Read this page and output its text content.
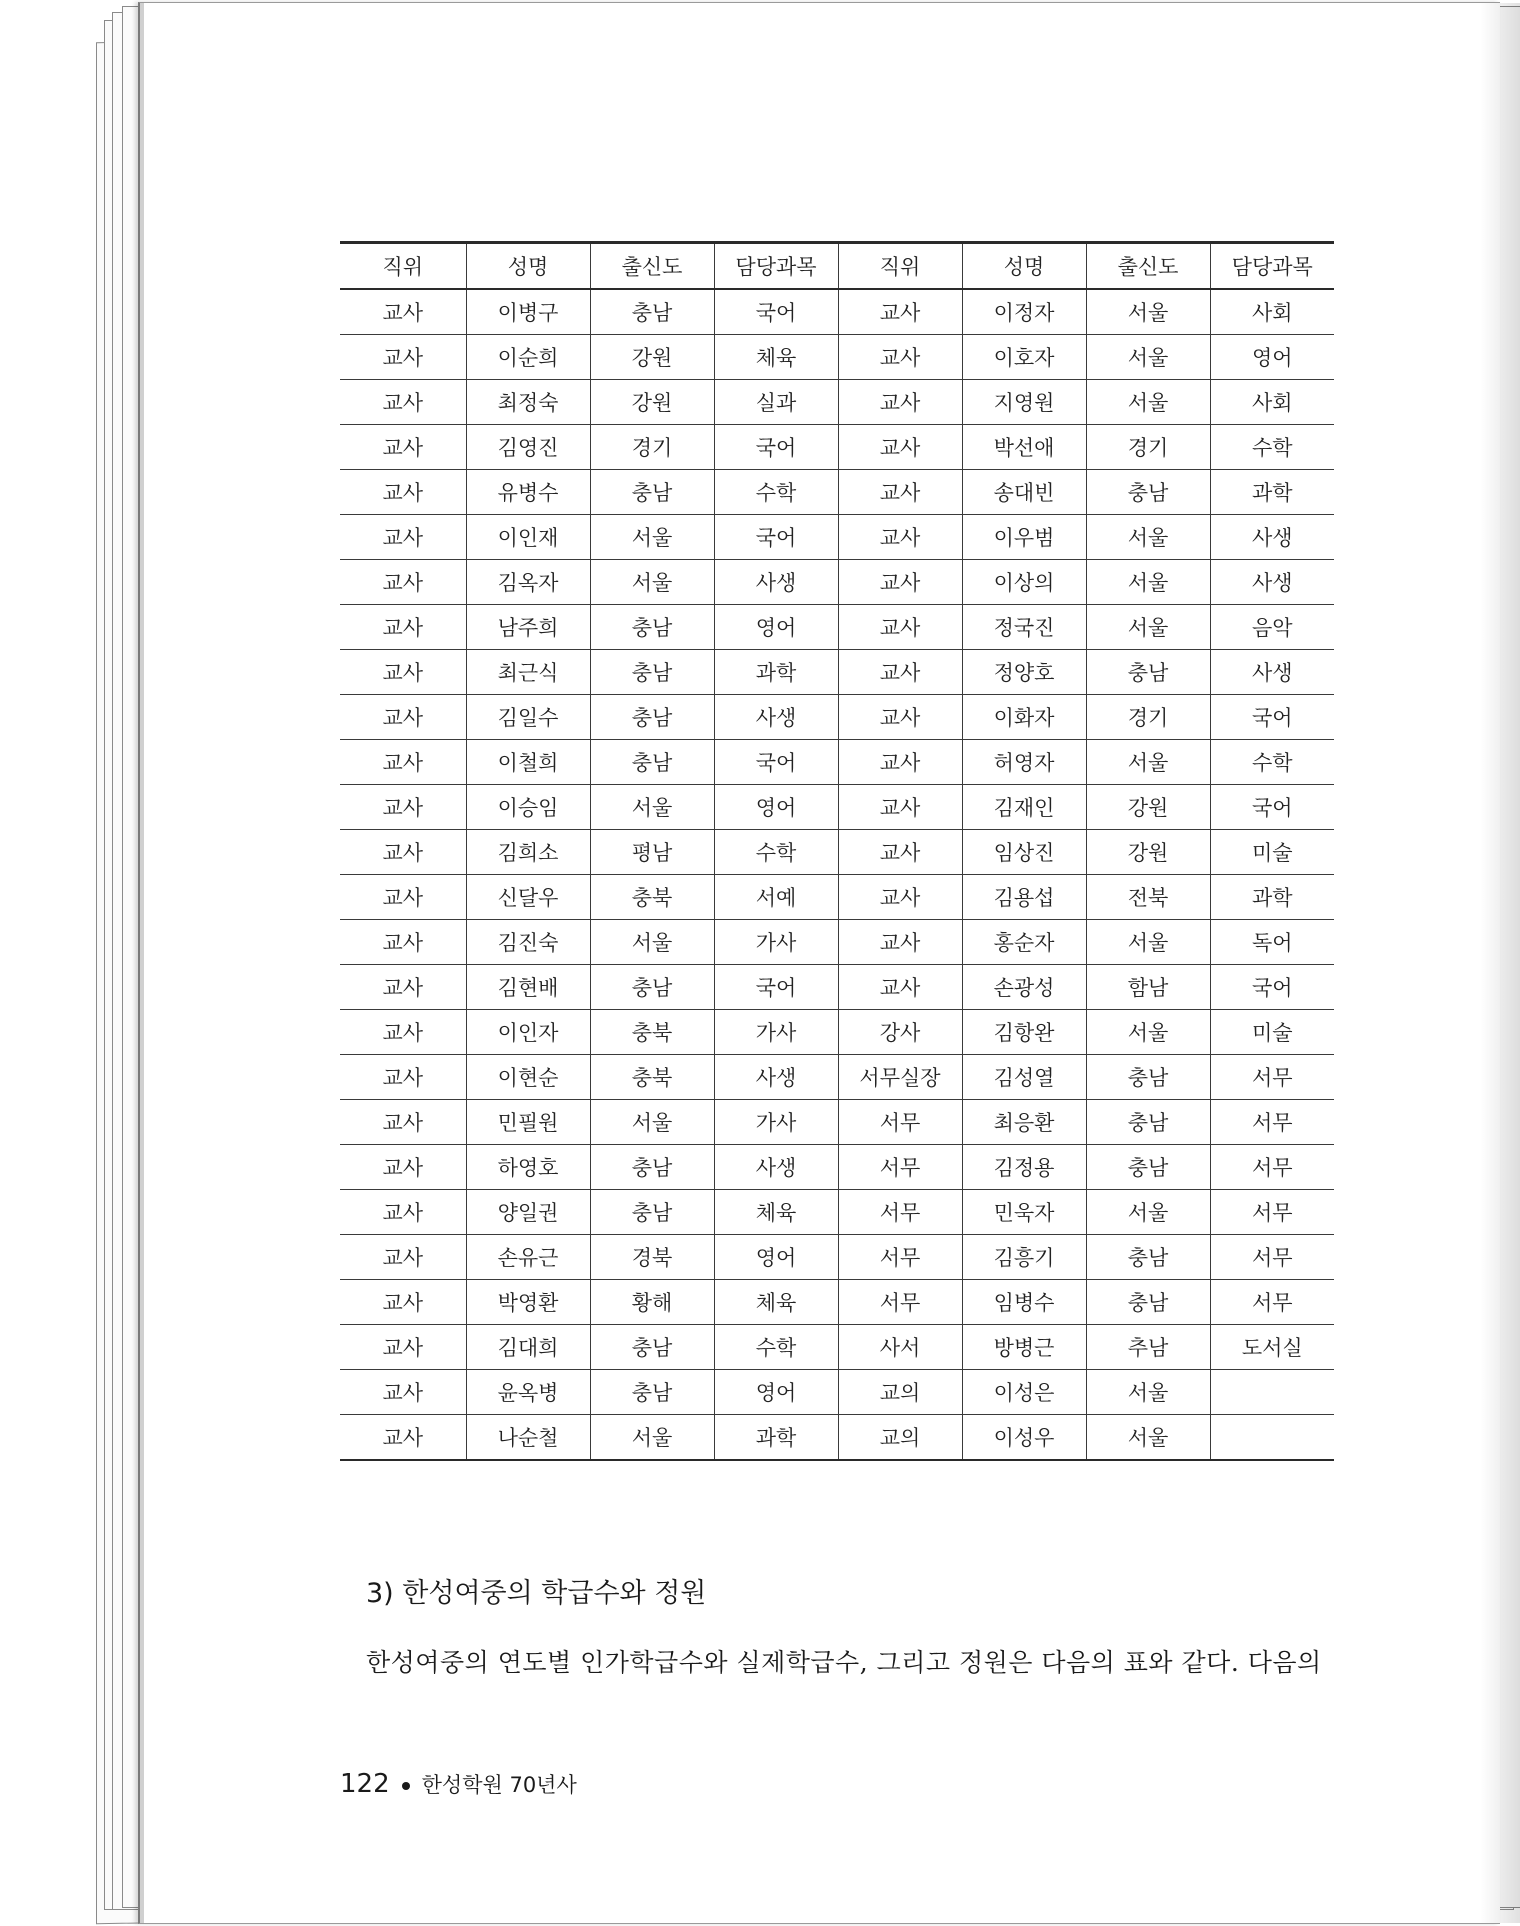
직위	성명	출신도	담당과목	직위	성명	출신도	담당과목
교사	이병구	충남	국어	교사	이정자	서울	사회
교사	이순희	강원	체육	교사	이호자	서울	영어
교사	최정숙	강원	실과	교사	지영원	서울	사회
교사	김영진	경기	국어	교사	박선애	경기	수학
교사	유병수	충남	수학	교사	송대빈	충남	과학
교사	이인재	서울	국어	교사	이우범	서울	사생
교사	김옥자	서울	사생	교사	이상의	서울	사생
교사	남주희	충남	영어	교사	정국진	서울	음악
교사	최근식	충남	과학	교사	정양호	충남	사생
교사	김일수	충남	사생	교사	이화자	경기	국어
교사	이철희	충남	국어	교사	허영자	서울	수학
교사	이승임	서울	영어	교사	김재인	강원	국어
교사	김희소	평남	수학	교사	임상진	강원	미술
교사	신달우	충북	서예	교사	김용섭	전북	과학
교사	김진숙	서울	가사	교사	홍순자	서울	독어
교사	김현배	충남	국어	교사	손광성	함남	국어
교사	이인자	충북	가사	강사	김항완	서울	미술
교사	이현순	충북	사생	서무실장	김성열	충남	서무
교사	민필원	서울	가사	서무	최응환	충남	서무
교사	하영호	충남	사생	서무	김정용	충남	서무
교사	양일권	충남	체육	서무	민욱자	서울	서무
교사	손유근	경북	영어	서무	김흥기	충남	서무
교사	박영환	황해	체육	서무	임병수	충남	서무
교사	김대희	충남	수학	사서	방병근	추남	도서실
교사	윤옥병	충남	영어	교의	이성은	서울	
교사	나순철	서울	과학	교의	이성우	서울	
3) 한성여중의 학급수와 정원
한성여중의 연도별 인가학급수와 실제학급수, 그리고 정원은 다음의 표와 같다. 다음의
122 한성학원 70년사
